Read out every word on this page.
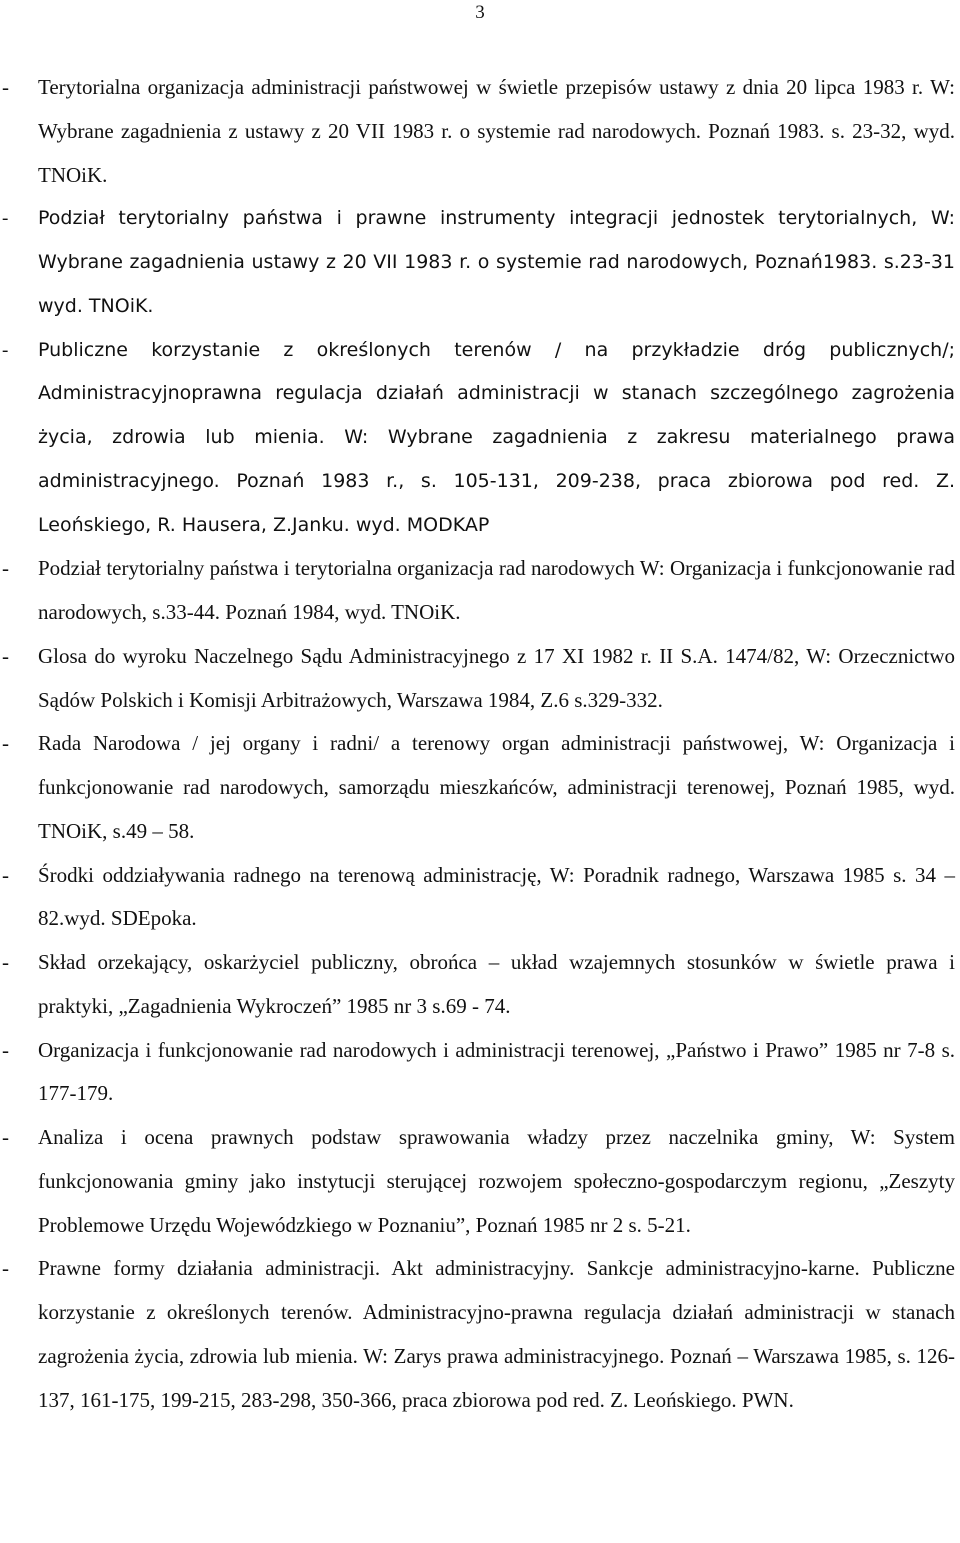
3

- Terytorialna organizacja administracji państwowej w świetle przepisów ustawy z dnia 20 lipca 1983 r. W: Wybrane zagadnienia z ustawy z 20 VII 1983 r. o systemie rad narodowych. Poznań 1983. s. 23-32, wyd. TNOiK.

- Podział terytorialny państwa i prawne instrumenty integracji jednostek terytorialnych, W: Wybrane zagadnienia ustawy z 20 VII 1983 r. o systemie rad narodowych, Poznań1983. s.23-31 wyd. TNOiK.

- Publiczne korzystanie z określonych terenów / na przykładzie dróg publicznych/; Administracyjnoprawna regulacja działań administracji w stanach szczególnego zagrożenia życia, zdrowia lub mienia. W: Wybrane zagadnienia z zakresu materialnego prawa administracyjnego. Poznań 1983 r., s. 105-131, 209-238, praca zbiorowa pod red. Z. Leońskiego, R. Hausera, Z.Janku. wyd. MODKAP

- Podział terytorialny państwa i terytorialna organizacja rad narodowych W: Organizacja i funkcjonowanie rad narodowych, s.33-44. Poznań 1984, wyd. TNOiK.

- Glosa do wyroku Naczelnego Sądu Administracyjnego z 17 XI 1982 r. II S.A. 1474/82, W: Orzecznictwo Sądów Polskich i Komisji Arbitrażowych, Warszawa 1984, Z.6 s.329-332.

- Rada Narodowa / jej organy i radni/ a terenowy organ administracji państwowej, W: Organizacja i funkcjonowanie rad narodowych, samorządu mieszkańców, administracji terenowej, Poznań 1985, wyd. TNOiK, s.49 – 58.

- Środki oddziaływania radnego na terenową administrację, W: Poradnik radnego, Warszawa 1985 s. 34 – 82.wyd. SDEpoka.

- Skład orzekający, oskarżyciel publiczny, obrońca – układ wzajemnych stosunków w świetle prawa i praktyki, „Zagadnienia Wykroczeń” 1985 nr 3 s.69 - 74.

- Organizacja i funkcjonowanie rad narodowych i administracji terenowej, „Państwo i Prawo” 1985 nr 7-8 s. 177-179.

- Analiza i ocena prawnych podstaw sprawowania władzy przez naczelnika gminy, W: System funkcjonowania gminy jako instytucji sterującej rozwojem społeczno-gospodarczym regionu, „Zeszyty Problemowe Urzędu Wojewódzkiego w Poznaniu”, Poznań 1985 nr 2 s. 5-21.

- Prawne formy działania administracji. Akt administracyjny. Sankcje administracyjno-karne. Publiczne korzystanie z określonych terenów. Administracyjno-prawna regulacja działań administracji w stanach zagrożenia życia, zdrowia lub mienia. W: Zarys prawa administracyjnego. Poznań – Warszawa 1985, s. 126-137, 161-175, 199-215, 283-298, 350-366, praca zbiorowa pod red. Z. Leońskiego. PWN.
